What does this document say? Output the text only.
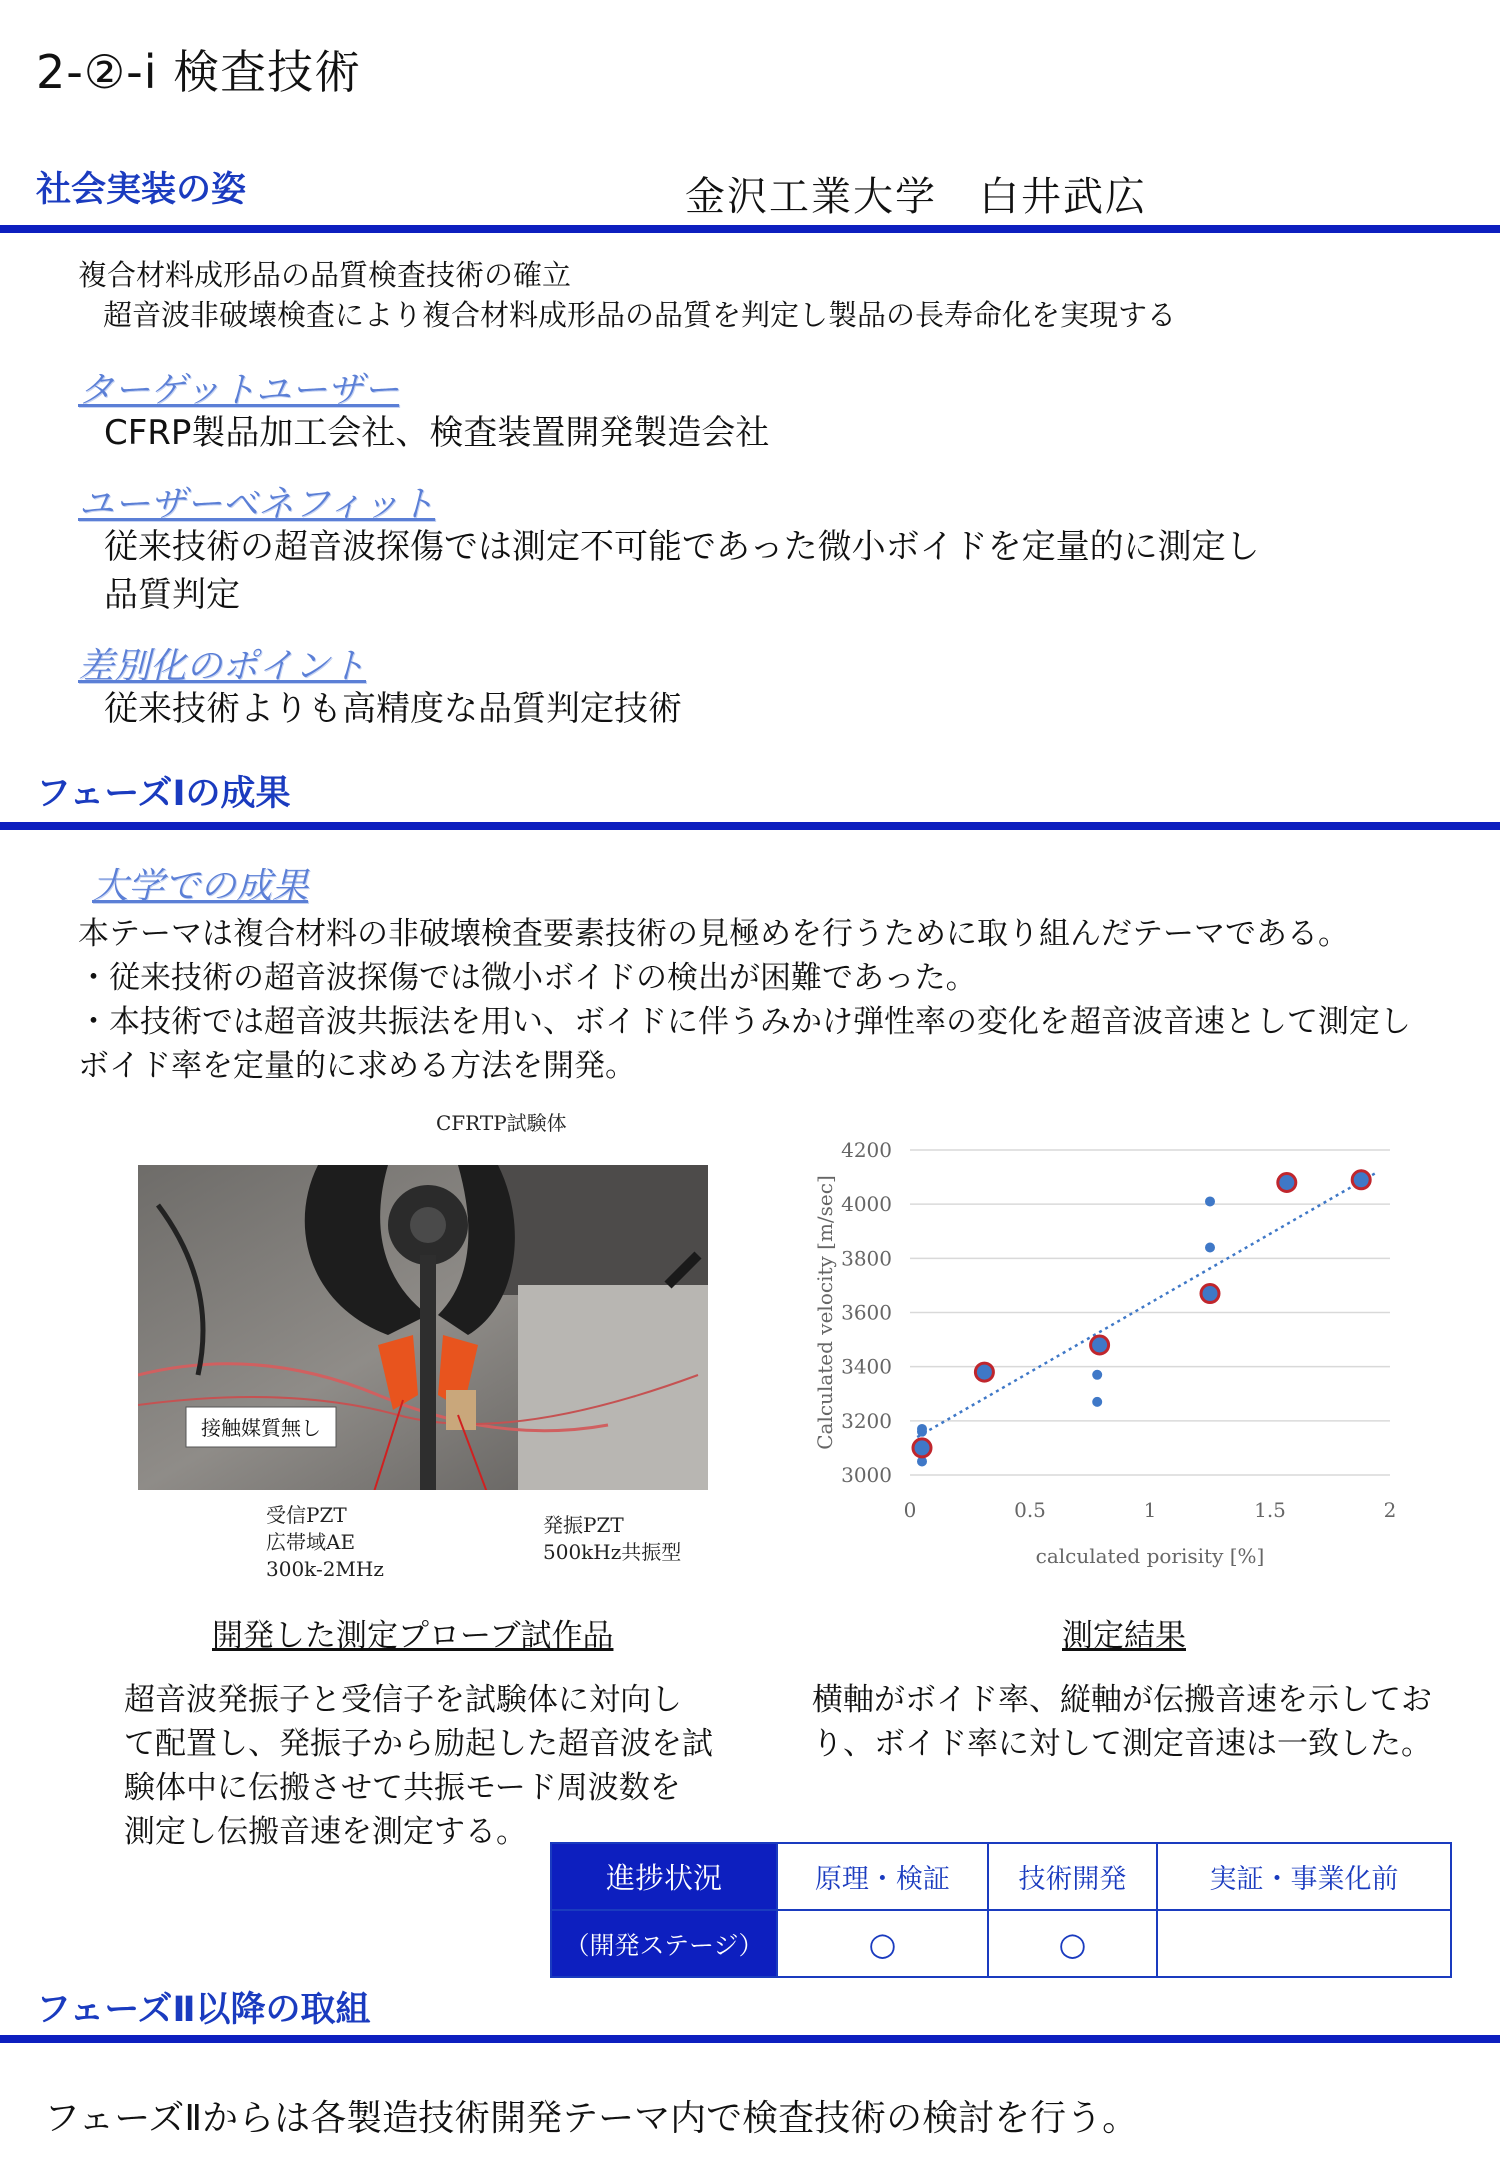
2-②-i 検査技術
社会実装の姿	金沢工業大学　白井武広
複合材料成形品の品質検査技術の確立
超音波非破壊検査により複合材料成形品の品質を判定し製品の長寿命化を実現する
ターゲットユーザー
CFRP製品加工会社、検査装置開発製造会社
ユーザーベネフィット
従来技術の超音波探傷では測定不可能であった微小ボイドを定量的に測定し
品質判定
差別化のポイント
従来技術よりも高精度な品質判定技術
フェーズⅠの成果
大学での成果
本テーマは複合材料の非破壊検査要素技術の見極めを行うために取り組んだテーマである。
・従来技術の超音波探傷では微小ボイドの検出が困難であった。
・本技術では超音波共振法を用い、ボイドに伴うみかけ弾性率の変化を超音波音速として測定し
ボイド率を定量的に求める方法を開発。
CFRTP試験体
接触媒質無し
受信PZT
広帯域AE
300k-2MHz
発振PZT
500kHz共振型
3000
3200
3400
3600
3800
4000
4200
0	0.5	1	1.5	2
calculated porisity [%]
Calculated velocity [m/sec]
開発した測定プローブ試作品	測定結果
超音波発振子と受信子を試験体に対向し
て配置し、発振子から励起した超音波を試
験体中に伝搬させて共振モード周波数を
測定し伝搬音速を測定する。
横軸がボイド率、縦軸が伝搬音速を示してお
り、ボイド率に対して測定音速は一致した。
進捗状況	原理・検証	技術開発	実証・事業化前
（開発ステージ）	○	○	
フェーズⅡ以降の取組
フェーズⅡからは各製造技術開発テーマ内で検査技術の検討を行う。
